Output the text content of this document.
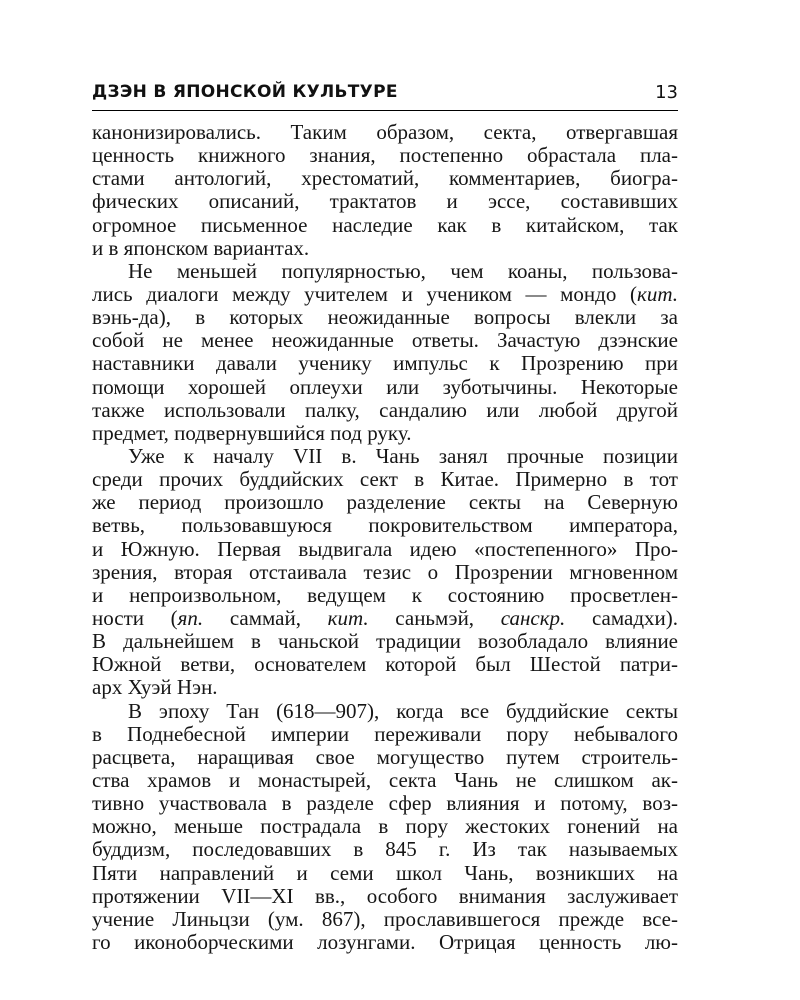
ДЗЭН В ЯПОНСКОЙ КУЛЬТУРЕ	13
канонизировались. Таким образом, секта, отвергавшая
ценность книжного знания, постепенно обрастала пла-
стами антологий, хрестоматий, комментариев, биогра-
фических описаний, трактатов и эссе, составивших
огромное письменное наследие как в китайском, так
и в японском вариантах.
Не меньшей популярностью, чем коаны, пользова-
лись диалоги между учителем и учеником — мондо (кит.
вэнь-да), в которых неожиданные вопросы влекли за
собой не менее неожиданные ответы. Зачастую дзэнские
наставники давали ученику импульс к Прозрению при
помощи хорошей оплеухи или зуботычины. Некоторые
также использовали палку, сандалию или любой другой
предмет, подвернувшийся под руку.
Уже к началу VII в. Чань занял прочные позиции
среди прочих буддийских сект в Китае. Примерно в тот
же период произошло разделение секты на Северную
ветвь, пользовавшуюся покровительством императора,
и Южную. Первая выдвигала идею «постепенного» Про-
зрения, вторая отстаивала тезис о Прозрении мгновенном
и непроизвольном, ведущем к состоянию просветлен-
ности (яп. саммай, кит. саньмэй, санскр. самадхи).
В дальнейшем в чаньской традиции возобладало влияние
Южной ветви, основателем которой был Шестой патри-
арх Хуэй Нэн.
В эпоху Тан (618—907), когда все буддийские секты
в Поднебесной империи переживали пору небывалого
расцвета, наращивая свое могущество путем строитель-
ства храмов и монастырей, секта Чань не слишком ак-
тивно участвовала в разделе сфер влияния и потому, воз-
можно, меньше пострадала в пору жестоких гонений на
буддизм, последовавших в 845 г. Из так называемых
Пяти направлений и семи школ Чань, возникших на
протяжении VII—XI вв., особого внимания заслуживает
учение Линьцзи (ум. 867), прославившегося прежде все-
го иконоборческими лозунгами. Отрицая ценность лю-
